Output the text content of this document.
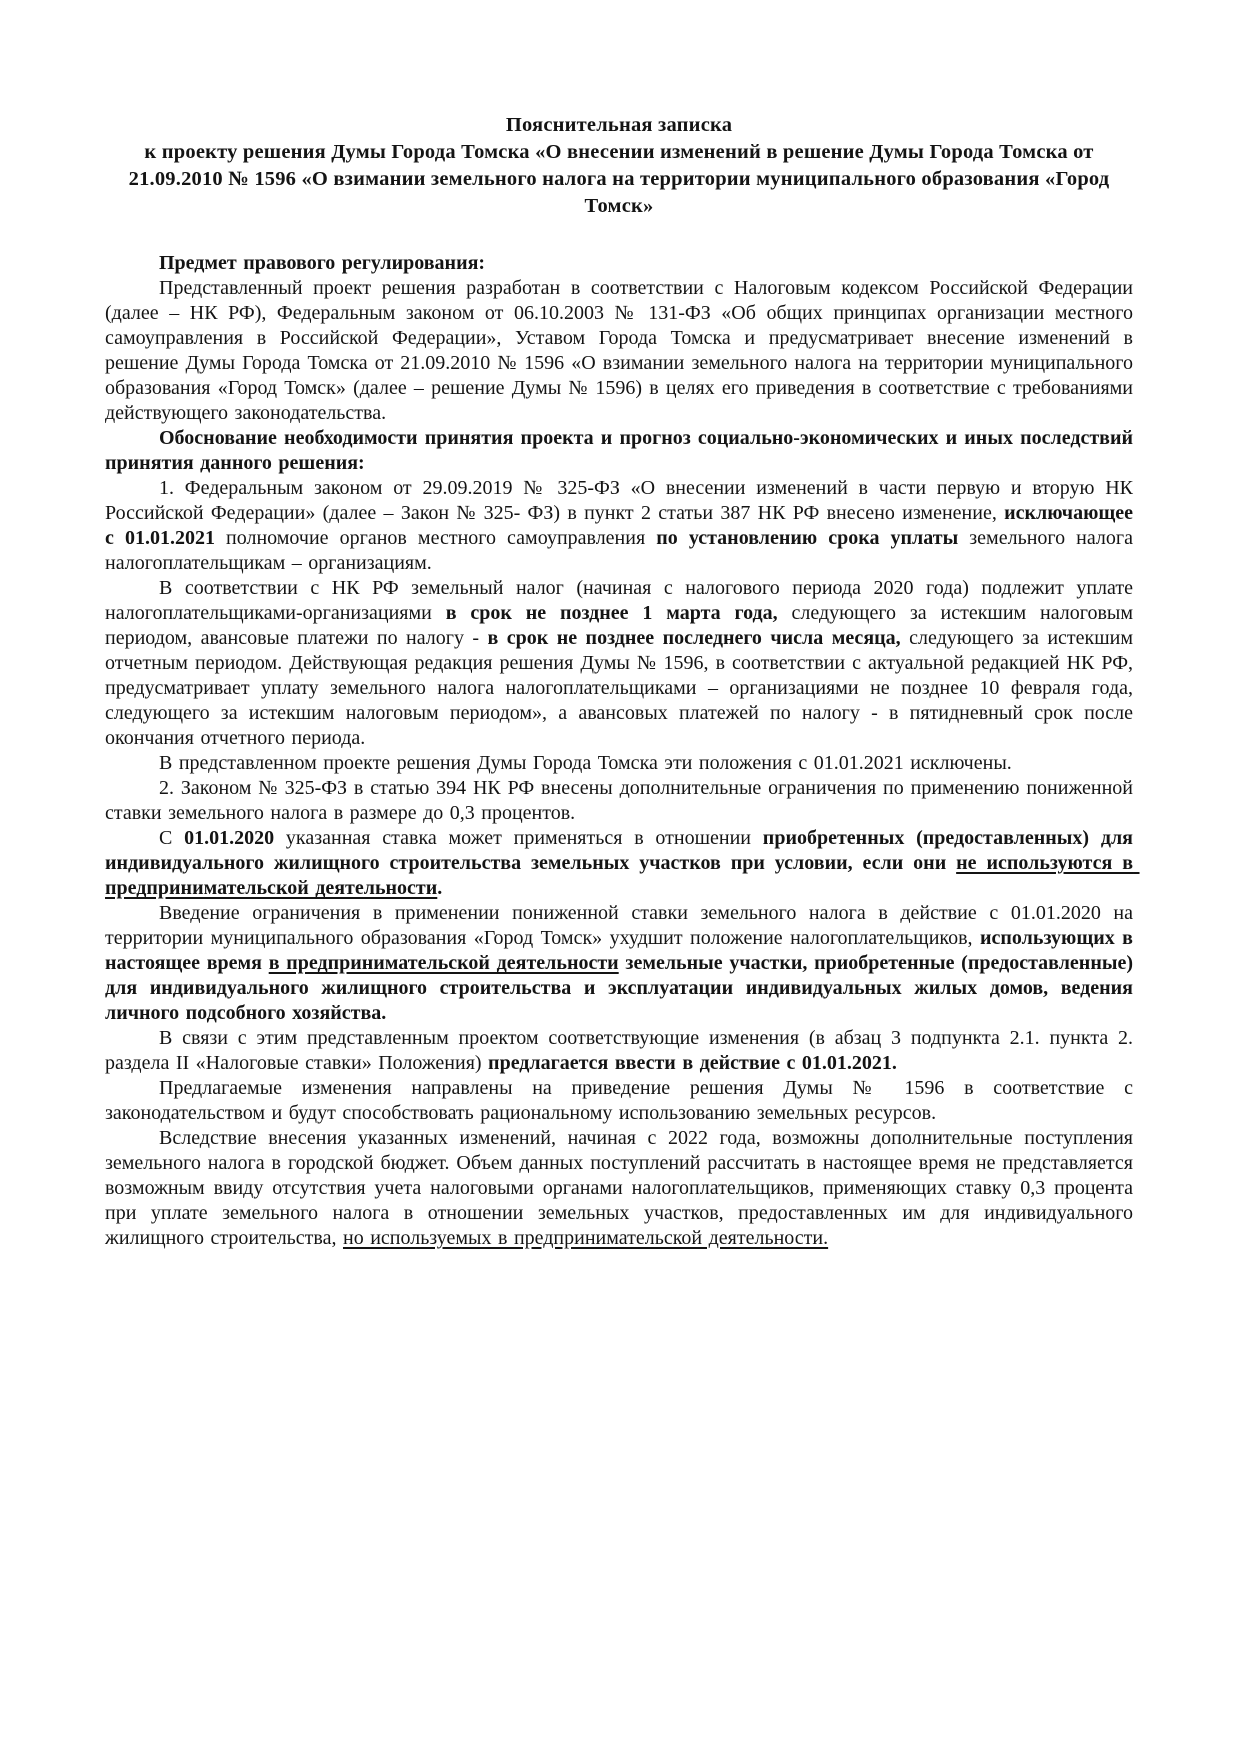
Пояснительная записка
к проекту решения Думы Города Томска «О внесении изменений в решение Думы Города Томска от 21.09.2010 № 1596 «О взимании земельного налога на территории муниципального образования «Город Томск»

Предмет правового регулирования:

Представленный проект решения разработан в соответствии с Налоговым кодексом Российской Федерации (далее – НК РФ), Федеральным законом от 06.10.2003 № 131-ФЗ «Об общих принципах организации местного самоуправления в Российской Федерации», Уставом Города Томска и предусматривает внесение изменений в решение Думы Города Томска от 21.09.2010 № 1596 «О взимании земельного налога на территории муниципального образования «Город Томск» (далее – решение Думы № 1596) в целях его приведения в соответствие с требованиями действующего законодательства.

Обоснование необходимости принятия проекта и прогноз социально-экономических и иных последствий принятия данного решения:

1. Федеральным законом от 29.09.2019 № 325-ФЗ «О внесении изменений в части первую и вторую НК Российской Федерации» (далее – Закон № 325- ФЗ) в пункт 2 статьи 387 НК РФ внесено изменение, исключающее с 01.01.2021 полномочие органов местного самоуправления по установлению срока уплаты земельного налога налогоплательщикам – организациям.

В соответствии с НК РФ земельный налог (начиная с налогового периода 2020 года) подлежит уплате налогоплательщиками-организациями в срок не позднее 1 марта года, следующего за истекшим налоговым периодом, авансовые платежи по налогу - в срок не позднее последнего числа месяца, следующего за истекшим отчетным периодом. Действующая редакция решения Думы № 1596, в соответствии с актуальной редакцией НК РФ, предусматривает уплату земельного налога налогоплательщиками – организациями не позднее 10 февраля года, следующего за истекшим налоговым периодом», а авансовых платежей по налогу - в пятидневный срок после окончания отчетного периода.

В представленном проекте решения Думы Города Томска эти положения с 01.01.2021 исключены.

2. Законом № 325-ФЗ в статью 394 НК РФ внесены дополнительные ограничения по применению пониженной ставки земельного налога в размере до 0,3 процентов.

С 01.01.2020 указанная ставка может применяться в отношении приобретенных (предоставленных) для индивидуального жилищного строительства земельных участков при условии, если они не используются в предпринимательской деятельности.

Введение ограничения в применении пониженной ставки земельного налога в действие с 01.01.2020 на территории муниципального образования «Город Томск» ухудшит положение налогоплательщиков, использующих в настоящее время в предпринимательской деятельности земельные участки, приобретенные (предоставленные) для индивидуального жилищного строительства и эксплуатации индивидуальных жилых домов, ведения личного подсобного хозяйства.

В связи с этим представленным проектом соответствующие изменения (в абзац 3 подпункта 2.1. пункта 2.  раздела II «Налоговые ставки» Положения) предлагается ввести в действие с 01.01.2021.

Предлагаемые изменения направлены на приведение решения Думы № 1596 в соответствие с законодательством и будут способствовать рациональному использованию земельных ресурсов.

Вследствие внесения указанных изменений, начиная с 2022 года, возможны дополнительные поступления земельного налога в городской бюджет. Объем данных поступлений рассчитать в настоящее время не представляется возможным ввиду отсутствия учета налоговыми органами налогоплательщиков, применяющих ставку 0,3 процента при уплате земельного налога в отношении земельных участков, предоставленных им для индивидуального жилищного строительства, но используемых в предпринимательской деятельности.
